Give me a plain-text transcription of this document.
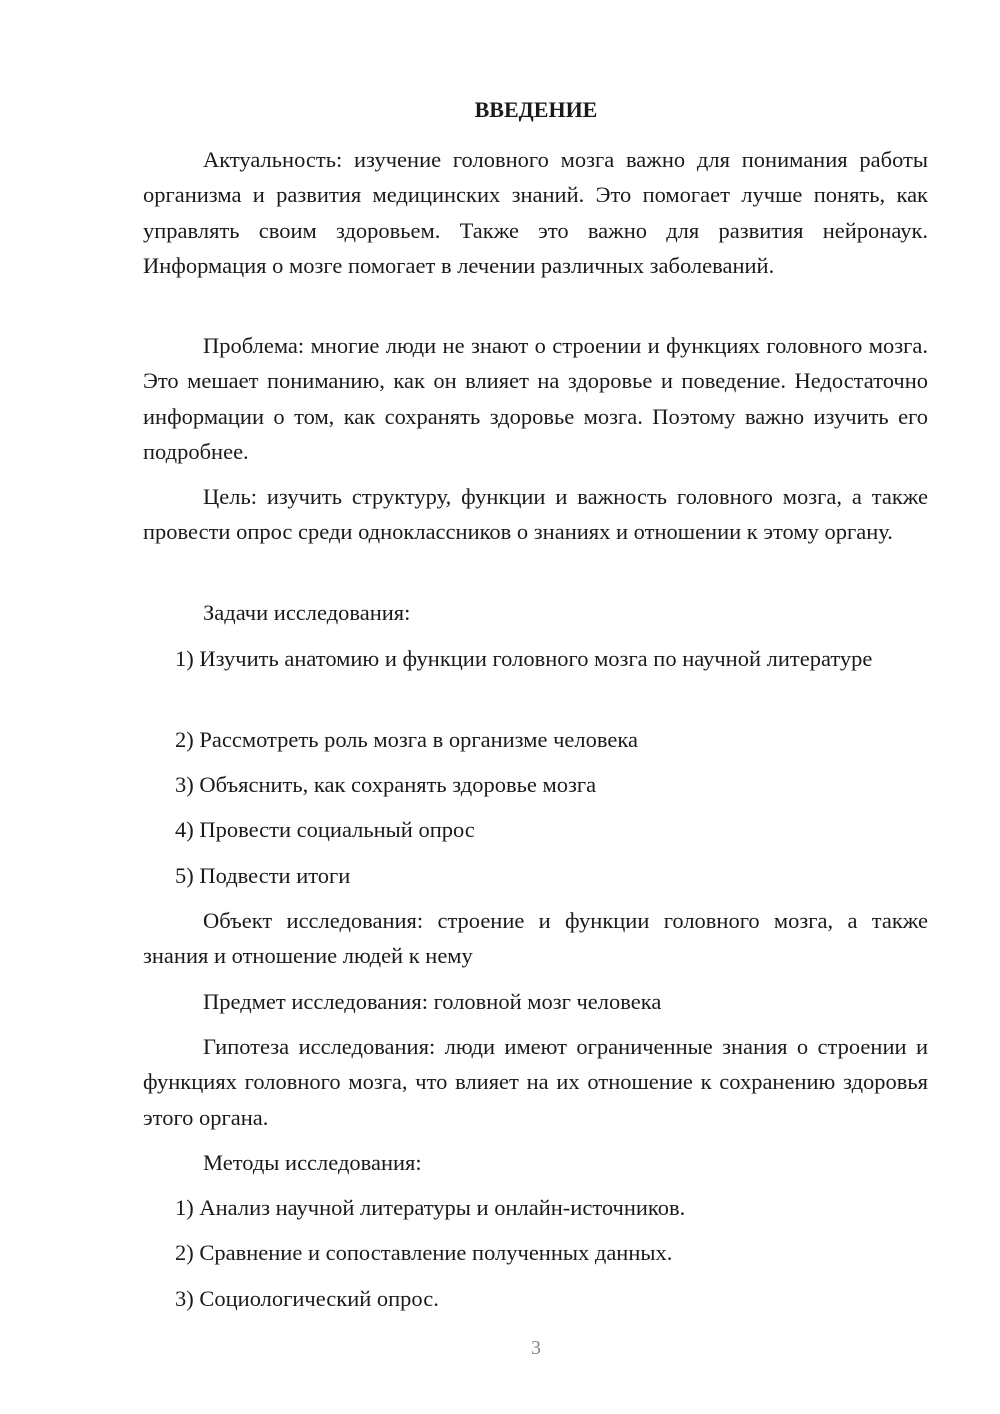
ВВЕДЕНИЕ

Актуальность: изучение головного мозга важно для понимания работы организма и развития медицинских знаний. Это помогает лучше понять, как управлять своим здоровьем. Также это важно для развития нейронаук. Информация о мозге помогает в лечении различных заболеваний.

Проблема: многие люди не знают о строении и функциях головного мозга. Это мешает пониманию, как он влияет на здоровье и поведение. Недостаточно информации о том, как сохранять здоровье мозга. Поэтому важно изучить его подробнее.

Цель: изучить структуру, функции и важность головного мозга, а также провести опрос среди одноклассников о знаниях и отношении к этому органу.

Задачи исследования:

1) Изучить анатомию и функции головного мозга по научной литературе

2) Рассмотреть роль мозга в организме человека

3) Объяснить, как сохранять здоровье мозга

4) Провести социальный опрос

5) Подвести итоги

Объект исследования: строение и функции головного мозга, а также знания и отношение людей к нему

Предмет исследования: головной мозг человека

Гипотеза исследования: люди имеют ограниченные знания о строении и функциях головного мозга, что влияет на их отношение к сохранению здоровья этого органа.

Методы исследования:

1) Анализ научной литературы и онлайн-источников.

2) Сравнение и сопоставление полученных данных.

3) Социологический опрос.

3
